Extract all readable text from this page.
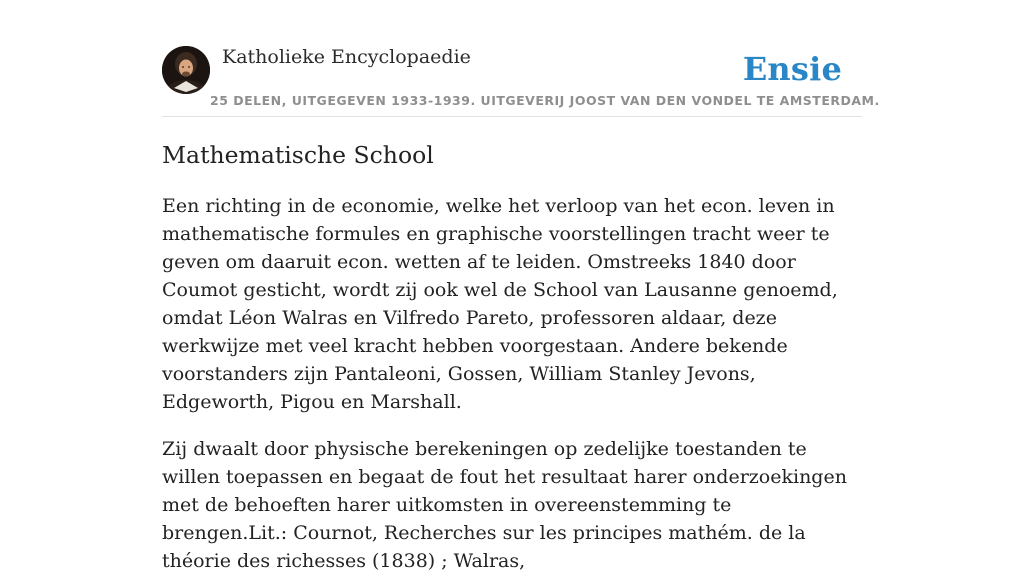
Katholieke Encyclopaedie	Ensie
25 DELEN, UITGEGEVEN 1933-1939. UITGEVERIJ JOOST VAN DEN VONDEL TE AMSTERDAM.
Mathematische School

Een richting in de economie, welke het verloop van het econ. leven in mathematische formules en graphische voorstellingen tracht weer te geven om daaruit econ. wetten af te leiden. Omstreeks 1840 door Coumot gesticht, wordt zij ook wel de School van Lausanne genoemd, omdat Léon Walras en Vilfredo Pareto, professoren aldaar, deze werkwijze met veel kracht hebben voorgestaan. Andere bekende voorstanders zijn Pantaleoni, Gossen, William Stanley Jevons, Edgeworth, Pigou en Marshall.

Zij dwaalt door physische berekeningen op zedelijke toestanden te willen toepassen en begaat de fout het resultaat harer onderzoekingen met de behoeften harer uitkomsten in overeenstemming te brengen.Lit.: Cournot, Recherches sur les principes mathém. de la théorie des richesses (1838) ; Walras,
